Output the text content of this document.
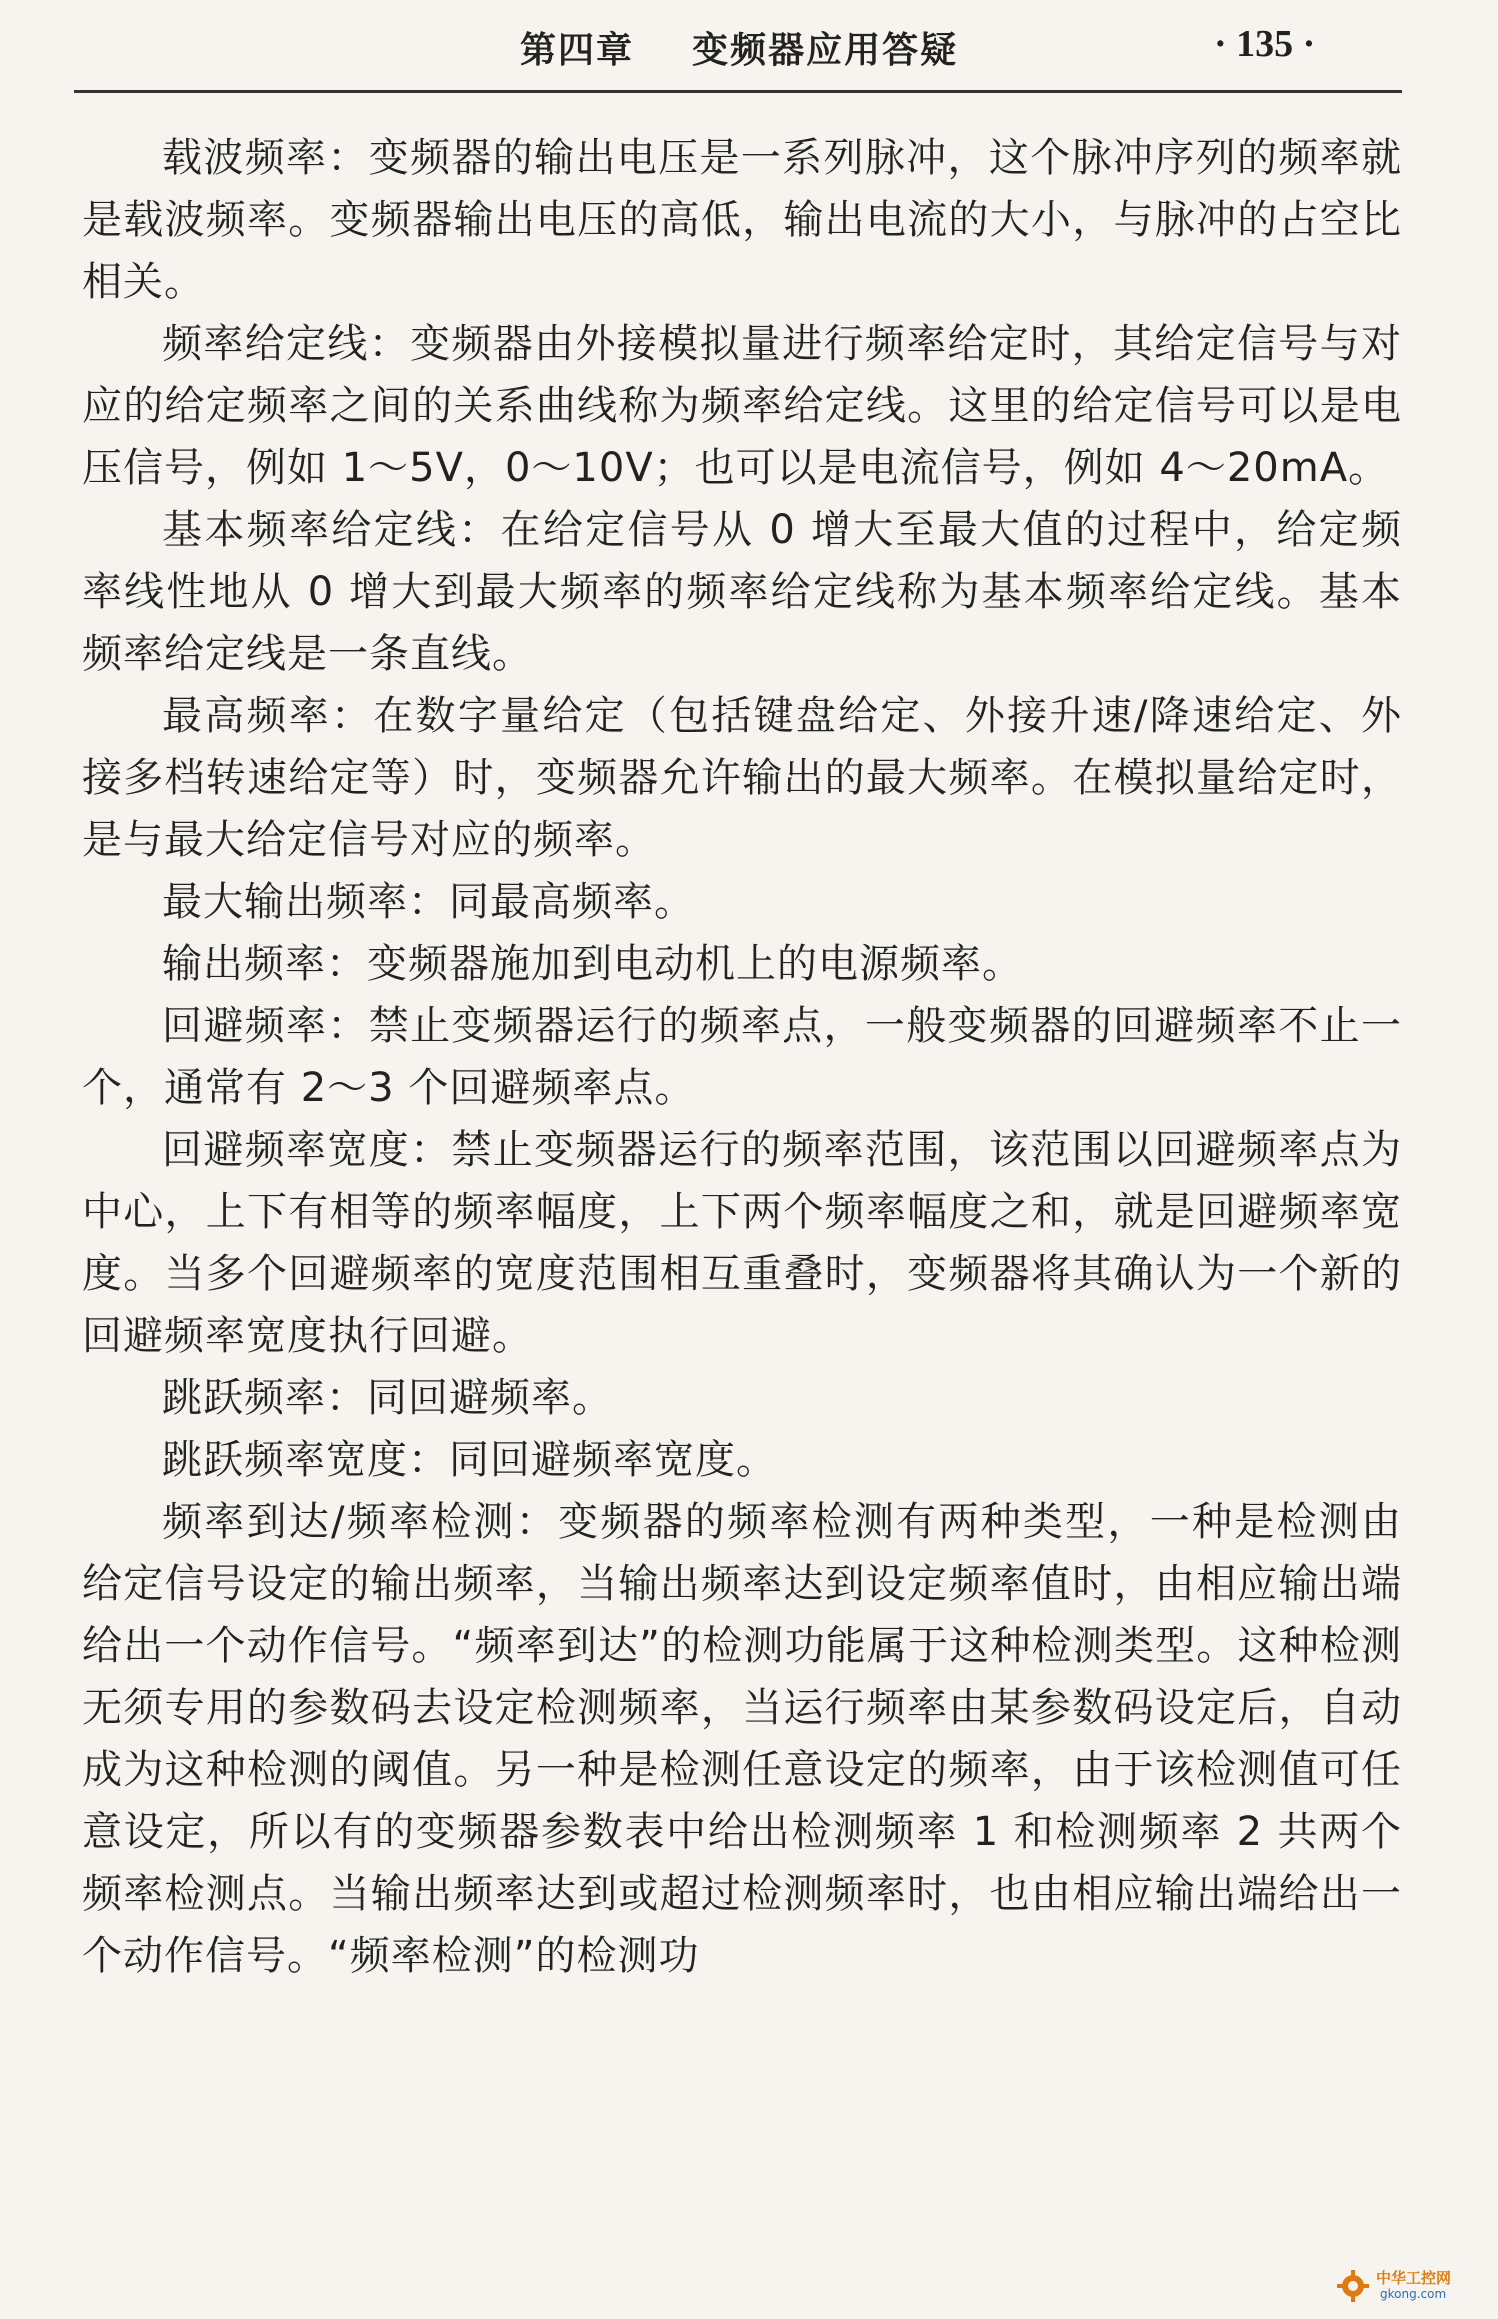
第四章    变频器应用答疑	· 135 ·

载波频率：变频器的输出电压是一系列脉冲，这个脉冲序列的频率就是载波频率。变频器输出电压的高低，输出电流的大小，与脉冲的占空比相关。

频率给定线：变频器由外接模拟量进行频率给定时，其给定信号与对应的给定频率之间的关系曲线称为频率给定线。这里的给定信号可以是电压信号，例如 1～5V，0～10V；也可以是电流信号，例如 4～20mA。

基本频率给定线：在给定信号从 0 增大至最大值的过程中，给定频率线性地从 0 增大到最大频率的频率给定线称为基本频率给定线。基本频率给定线是一条直线。

最高频率：在数字量给定（包括键盘给定、外接升速/降速给定、外接多档转速给定等）时，变频器允许输出的最大频率。在模拟量给定时，是与最大给定信号对应的频率。

最大输出频率：同最高频率。

输出频率：变频器施加到电动机上的电源频率。

回避频率：禁止变频器运行的频率点，一般变频器的回避频率不止一个，通常有 2～3 个回避频率点。

回避频率宽度：禁止变频器运行的频率范围，该范围以回避频率点为中心，上下有相等的频率幅度，上下两个频率幅度之和，就是回避频率宽度。当多个回避频率的宽度范围相互重叠时，变频器将其确认为一个新的回避频率宽度执行回避。

跳跃频率：同回避频率。

跳跃频率宽度：同回避频率宽度。

频率到达/频率检测：变频器的频率检测有两种类型，一种是检测由给定信号设定的输出频率，当输出频率达到设定频率值时，由相应输出端给出一个动作信号。“频率到达”的检测功能属于这种检测类型。这种检测无须专用的参数码去设定检测频率，当运行频率由某参数码设定后，自动成为这种检测的阈值。另一种是检测任意设定的频率，由于该检测值可任意设定，所以有的变频器参数表中给出检测频率 1 和检测频率 2 共两个频率检测点。当输出频率达到或超过检测频率时，也由相应输出端给出一个动作信号。“频率检测”的检测功

中华工控网
gkong.com
